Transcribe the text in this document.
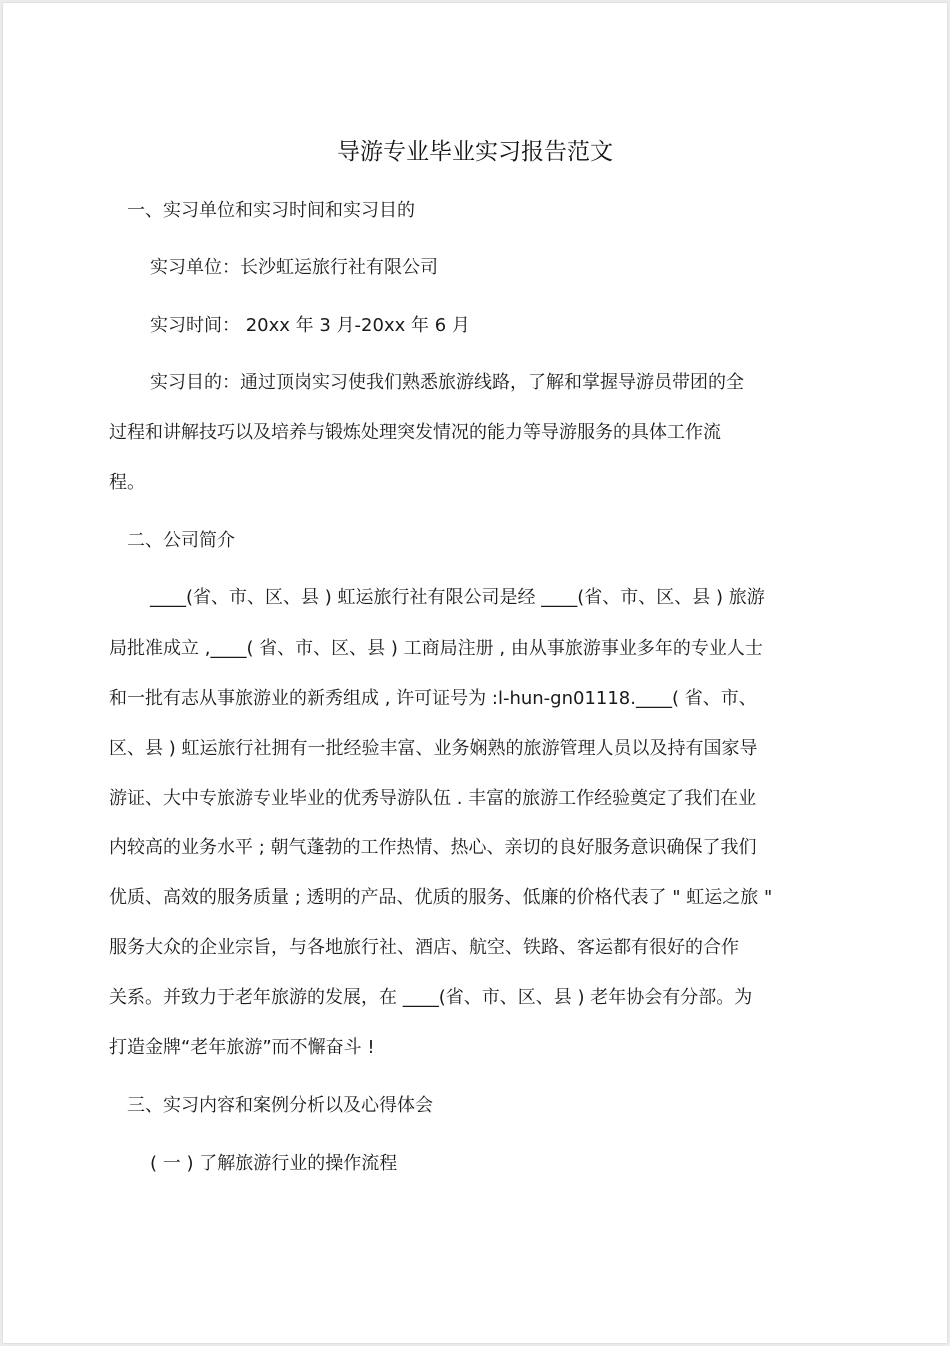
导游专业毕业实习报告范文
一、实习单位和实习时间和实习目的
实习单位：长沙虹运旅行社有限公司
实习时间： 20xx 年 3 月-20xx 年 6 月
实习目的：通过顶岗实习使我们熟悉旅游线路，了解和掌握导游员带团的全
过程和讲解技巧以及培养与锻炼处理突发情况的能力等导游服务的具体工作流
程。
二、公司简介
____(省、市、区、县 ) 虹运旅行社有限公司是经 ____(省、市、区、县 ) 旅游
局批准成立 ,____( 省、市、区、县 ) 工商局注册 , 由从事旅游事业多年的专业人士
和一批有志从事旅游业的新秀组成 , 许可证号为 :l-hun-gn01118.____( 省、市、
区、县 ) 虹运旅行社拥有一批经验丰富、业务娴熟的旅游管理人员以及持有国家导
游证、大中专旅游专业毕业的优秀导游队伍 . 丰富的旅游工作经验奠定了我们在业
内较高的业务水平 ; 朝气蓬勃的工作热情、热心、亲切的良好服务意识确保了我们
优质、高效的服务质量 ; 透明的产品、优质的服务、低廉的价格代表了 " 虹运之旅 "
服务大众的企业宗旨，与各地旅行社、酒店、航空、铁路、客运都有很好的合作
关系。并致力于老年旅游的发展，在 ____(省、市、区、县 ) 老年协会有分部。为
打造金牌“老年旅游”而不懈奋斗 !
三、实习内容和案例分析以及心得体会
( 一 ) 了解旅游行业的操作流程
